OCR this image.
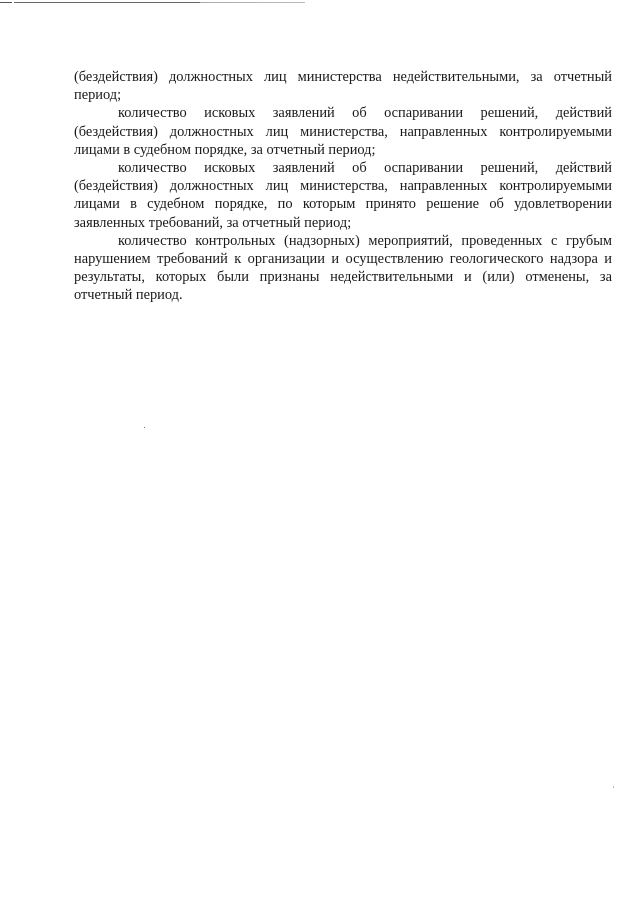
(бездействия) должностных лиц министерства недействительными, за отчетный период;

количество исковых заявлений об оспаривании решений, действий (бездействия) должностных лиц министерства, направленных контролируемыми лицами в судебном порядке, за отчетный период;

количество исковых заявлений об оспаривании решений, действий (бездействия) должностных лиц министерства, направленных контролируемыми лицами в судебном порядке, по которым принято решение об удовлетворении заявленных требований, за отчетный период;

количество контрольных (надзорных) мероприятий, проведенных с грубым нарушением требований к организации и осуществлению геологического надзора и результаты, которых были признаны недействительными и (или) отменены, за отчетный период.
